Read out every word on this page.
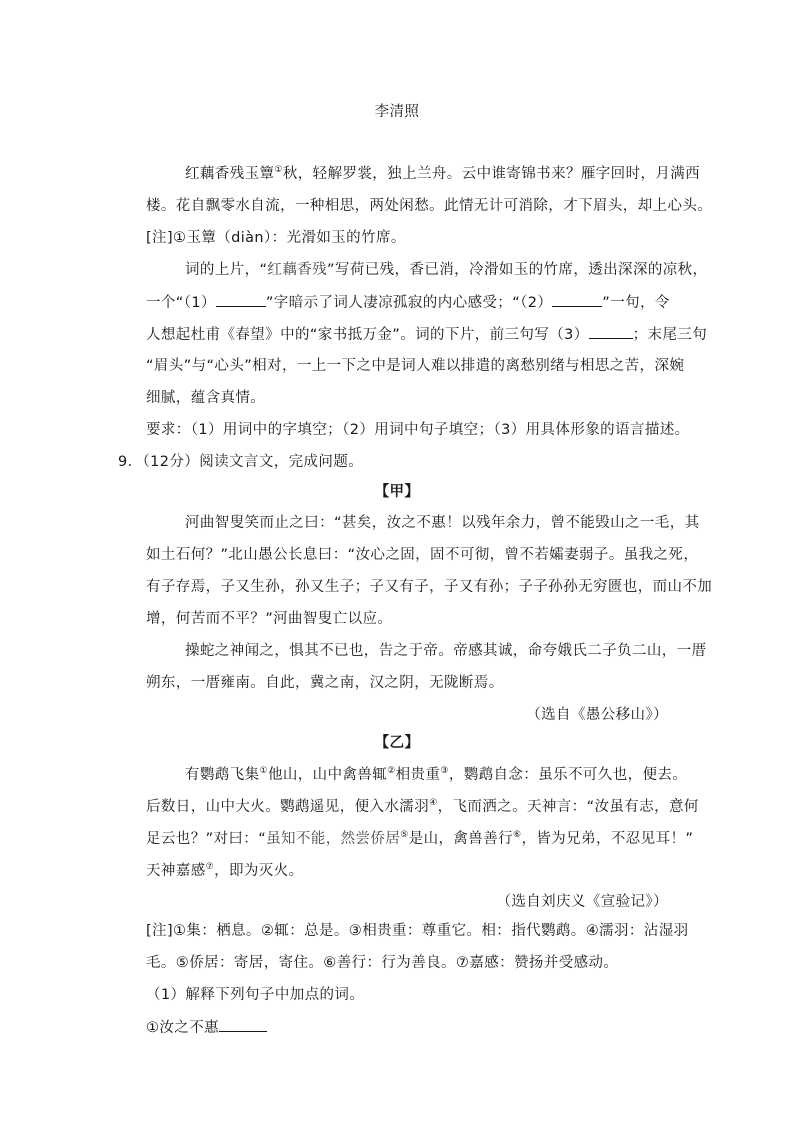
李清照
红藕香残玉簟①秋，轻解罗裳，独上兰舟。云中谁寄锦书来？雁字回时，月满西
楼。花自飘零水自流，一种相思，两处闲愁。此情无计可消除，才下眉头，却上心头。
[注]①玉簟（diàn）：光滑如玉的竹席。
词的上片，“红藕香残”写荷已残，香已消，冷滑如玉的竹席，透出深深的凉秋，
一个“（1）	”字暗示了词人凄凉孤寂的内心感受；“（2）	”一句，令
人想起杜甫《春望》中的“家书抵万金”。词的下片，前三句写（3）	；末尾三句
“眉头”与“心头”相对，一上一下之中是词人难以排遣的离愁别绪与相思之苦，深婉
细腻，蕴含真情。
要求：（1）用词中的字填空；（2）用词中句子填空；（3）用具体形象的语言描述。
9．（12分）阅读文言文，完成问题。
【甲】
河曲智叟笑而止之曰：“甚矣，汝之不惠！以残年余力，曾不能毁山之一毛，其
如土石何？”北山愚公长息曰：“汝心之固，固不可彻，曾不若孀妻弱子。虽我之死，
有子存焉，子又生孙，孙又生子；子又有子，子又有孙；子子孙孙无穷匮也，而山不加
增，何苦而不平？”河曲智叟亡以应。
操蛇之神闻之，惧其不已也，告之于帝。帝感其诚，命夸娥氏二子负二山，一厝
朔东，一厝雍南。自此，冀之南，汉之阴，无陇断焉。
（选自《愚公移山》）
【乙】
有鹦鹉飞集①他山，山中禽兽辄②相贵重③，鹦鹉自念：虽乐不可久也，便去。
后数日，山中大火。鹦鹉遥见，便入水濡羽④，飞而洒之。天神言：“汝虽有志，意何
足云也？”对曰：“虽知不能，然尝侨居⑤是山，禽兽善行⑥，皆为兄弟，不忍见耳！”
天神嘉感⑦，即为灭火。
（选自刘庆义《宣验记》）
[注]①集：栖息。②辄：总是。③相贵重：尊重它。相：指代鹦鹉。④濡羽：沾湿羽
毛。⑤侨居：寄居，寄住。⑥善行：行为善良。⑦嘉感：赞扬并受感动。
（1）解释下列句子中加点的词。
①汝之不惠
